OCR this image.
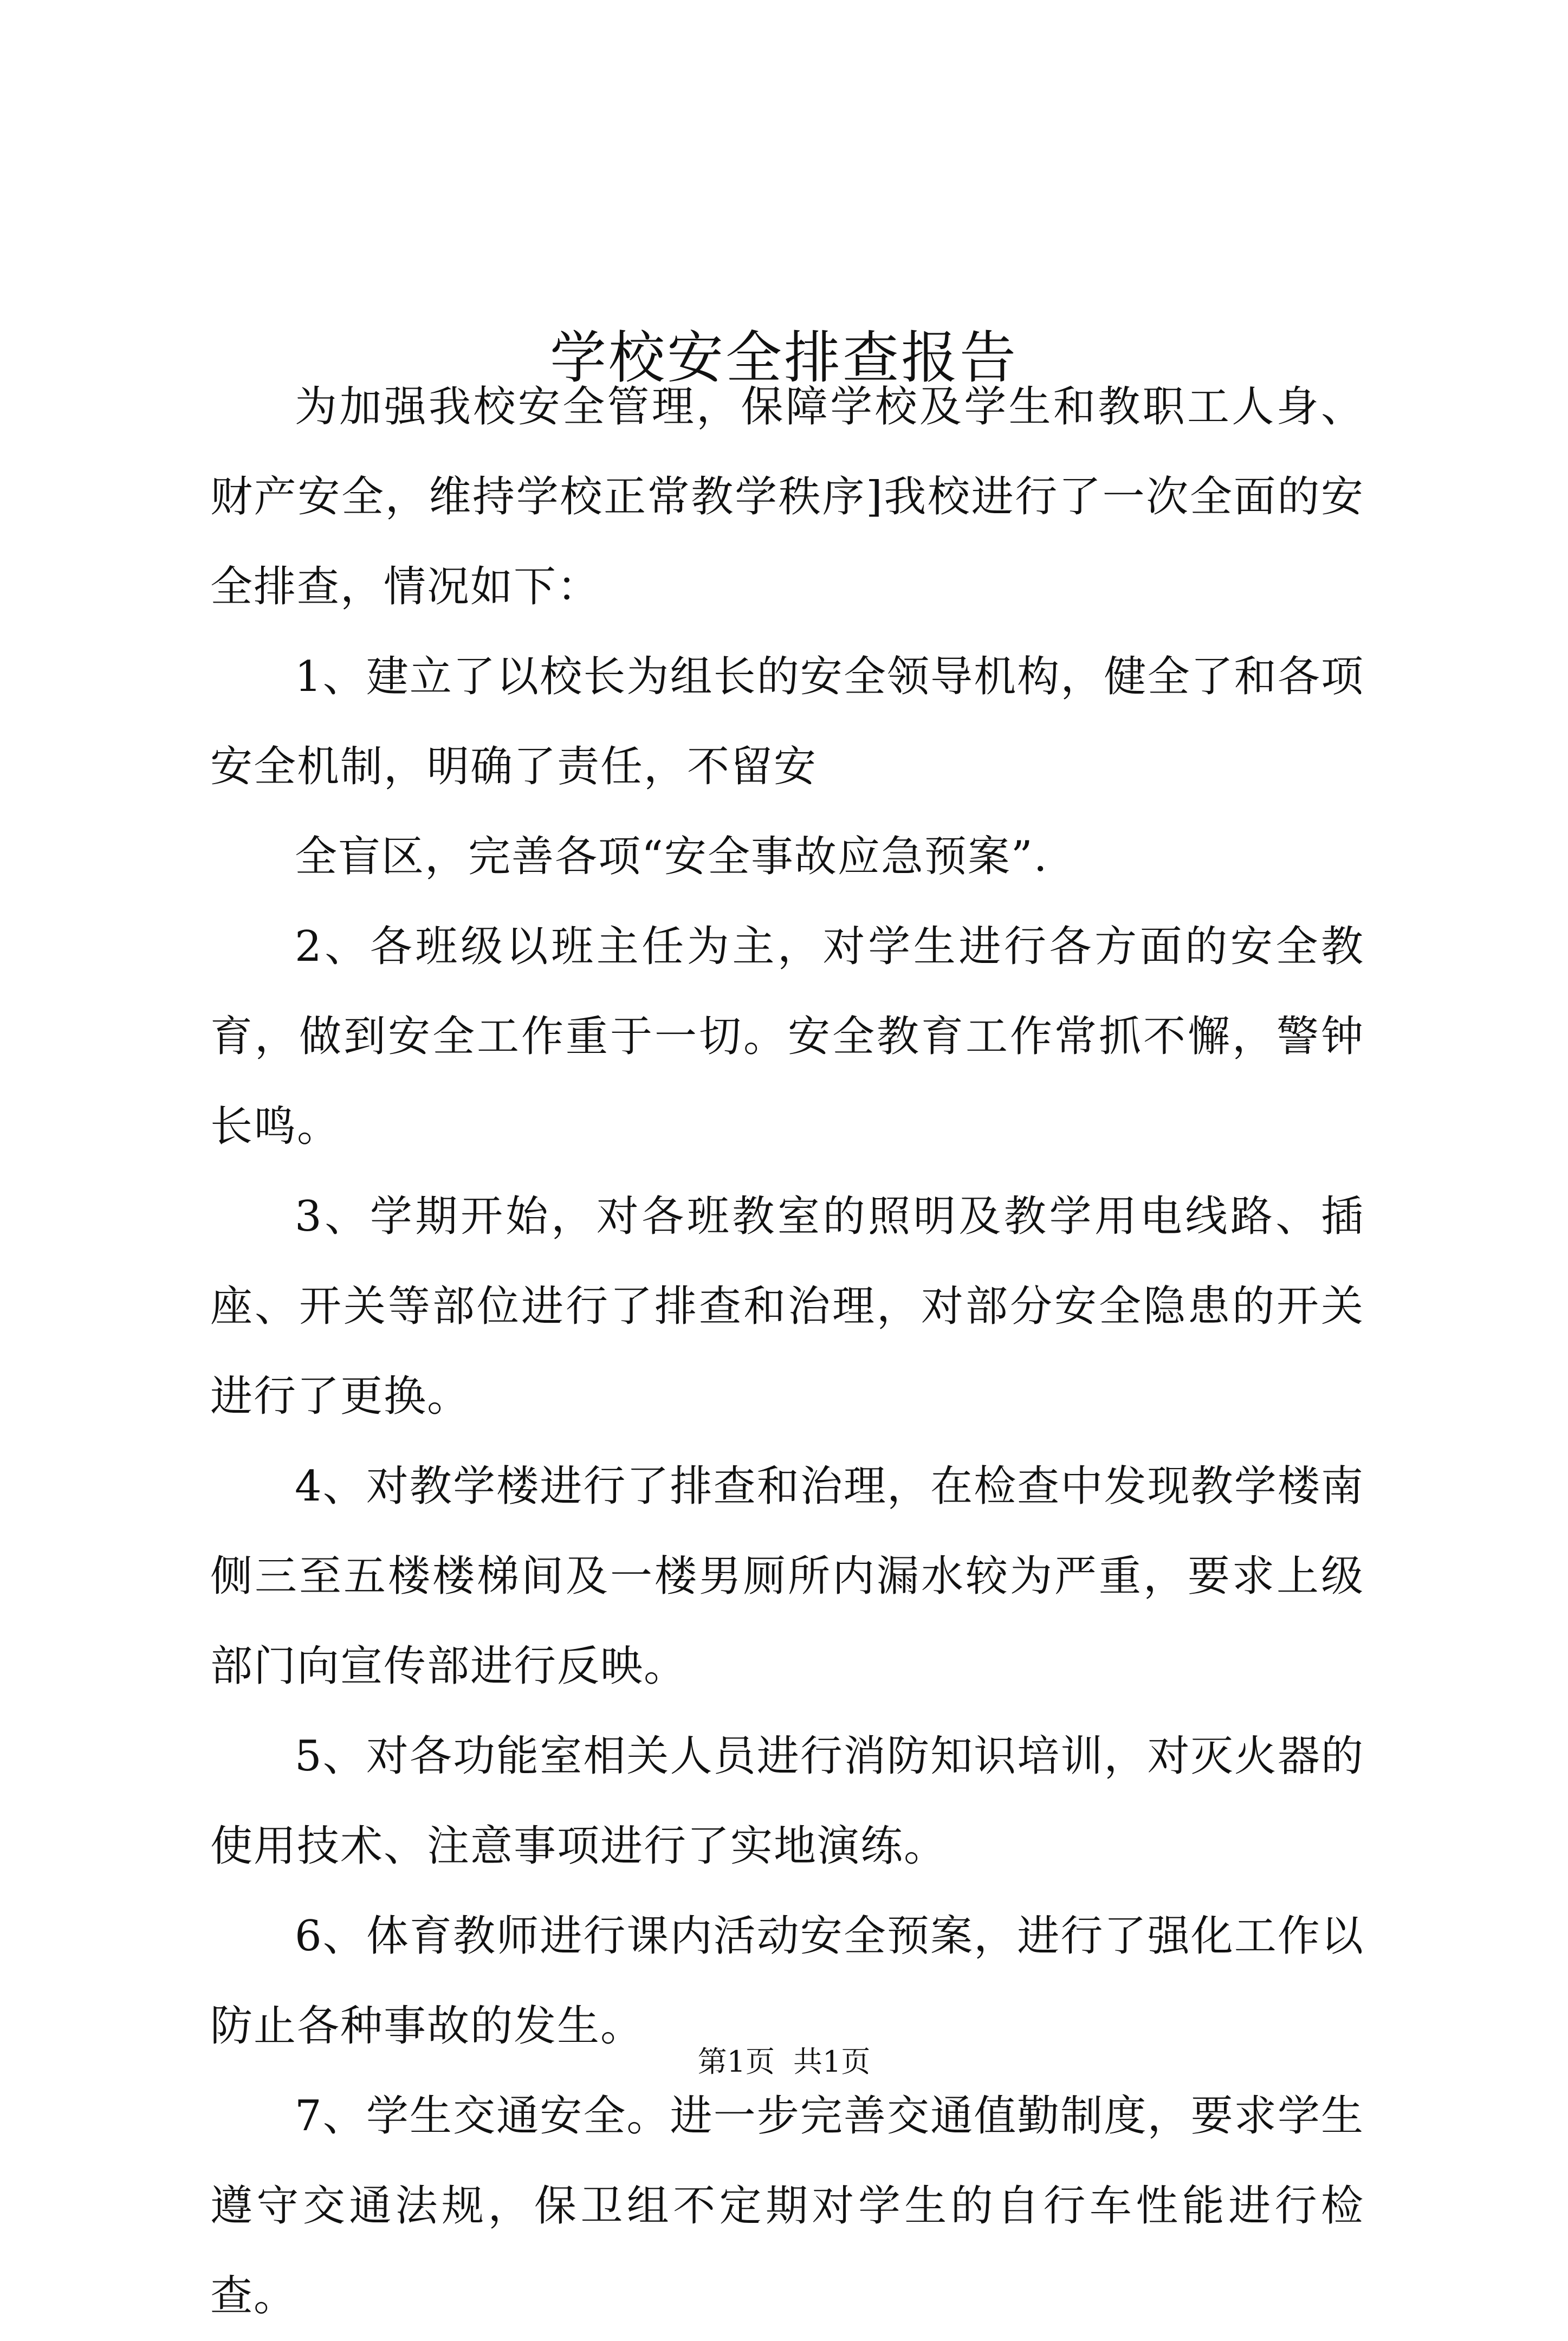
学校安全排查报告

为加强我校安全管理，保障学校及学生和教职工人身、财产安全，维持学校正常教学秩序]我校进行了一次全面的安全排查，情况如下：

1、建立了以校长为组长的安全领导机构，健全了和各项安全机制，明确了责任，不留安

全盲区，完善各项“安全事故应急预案”.

2、各班级以班主任为主，对学生进行各方面的安全教育，做到安全工作重于一切。安全教育工作常抓不懈，警钟长鸣。

3、学期开始，对各班教室的照明及教学用电线路、插座、开关等部位进行了排查和治理，对部分安全隐患的开关进行了更换。

4、对教学楼进行了排查和治理，在检查中发现教学楼南侧三至五楼楼梯间及一楼男厕所内漏水较为严重，要求上级部门向宣传部进行反映。

5、对各功能室相关人员进行消防知识培训，对灭火器的使用技术、注意事项进行了实地演练。

6、体育教师进行课内活动安全预案，进行了强化工作以防止各种事故的发生。

7、学生交通安全。进一步完善交通值勤制度，要求学生遵守交通法规，保卫组不定期对学生的自行车性能进行检查。

第1页 共1页
